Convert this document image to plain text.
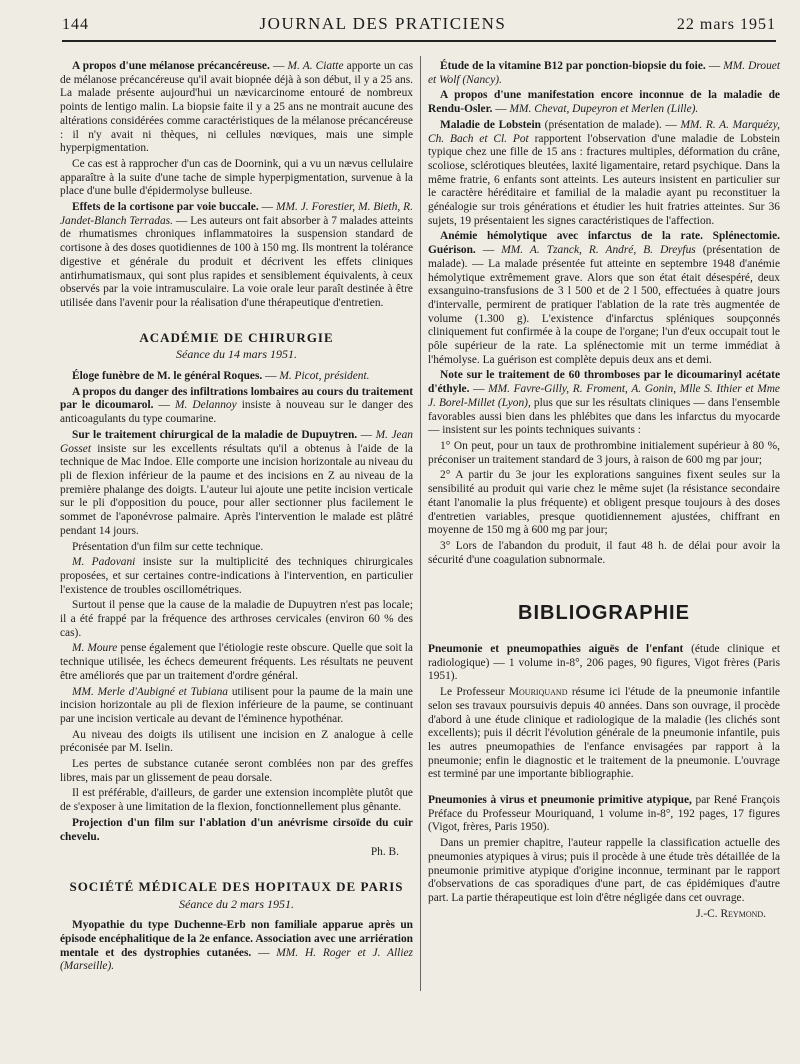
144	JOURNAL DES PRATICIENS	22 mars 1951

A propos d'une mélanose précancéreuse. — M. A. Ciatte apporte un cas de mélanose précancéreuse qu'il avait biopnée déjà à son début, il y a 25 ans. La malade présente aujourd'hui un nævicarcinome entouré de nombreux points de lentigo malin. La biopsie faite il y a 25 ans ne montrait aucune des altérations considérées comme caractéristiques de la mélanose précancéreuse : il n'y avait ni thèques, ni cellules nœviques, mais une simple hyperpigmentation.

Ce cas est à rapprocher d'un cas de Doornink, qui a vu un nævus cellulaire apparaître à la suite d'une tache de simple hyperpigmentation, survenue à la place d'une bulle d'épidermolyse bulleuse.

Effets de la cortisone par voie buccale. — MM. J. Forestier, M. Bieth, R. Jandet-Blanch Terradas. — Les auteurs ont fait absorber à 7 malades atteints de rhumatismes chroniques inflammatoires la suspension standard de cortisone à des doses quotidiennes de 100 à 150 mg. Ils montrent la tolérance digestive et générale du produit et décrivent les effets cliniques antirhumatismaux, qui sont plus rapides et sensiblement équivalents, à ceux observés par la voie intramusculaire. La voie orale leur paraît destinée à être utilisée dans l'avenir pour la réalisation d'une thérapeutique d'entretien.

ACADÉMIE DE CHIRURGIE
Séance du 14 mars 1951.

Éloge funèbre de M. le général Roques. — M. Picot, président.

A propos du danger des infiltrations lombaires au cours du traitement par le dicoumarol. — M. Delannoy insiste à nouveau sur le danger des anticoagulants du type coumarine.

Sur le traitement chirurgical de la maladie de Dupuytren. — M. Jean Gosset insiste sur les excellents résultats qu'il a obtenus à l'aide de la technique de Mac Indoe. Elle comporte une incision horizontale au niveau du pli de flexion inférieur de la paume et des incisions en Z au niveau de la première phalange des doigts. L'auteur lui ajoute une petite incision verticale sur le pli d'opposition du pouce, pour aller sectionner plus facilement le sommet de l'aponévrose palmaire. Après l'intervention le malade est plâtré pendant 14 jours.

Présentation d'un film sur cette technique.

M. Padovani insiste sur la multiplicité des techniques chirurgicales proposées, et sur certaines contre-indications à l'intervention, en particulier l'existence de troubles oscillométriques.

Surtout il pense que la cause de la maladie de Dupuytren n'est pas locale; il a été frappé par la fréquence des arthroses cervicales (environ 60 % des cas).

M. Moure pense également que l'étiologie reste obscure. Quelle que soit la technique utilisée, les échecs demeurent fréquents. Les résultats ne peuvent être améliorés que par un traitement d'ordre général.

MM. Merle d'Aubigné et Tubiana utilisent pour la paume de la main une incision horizontale au pli de flexion inférieure de la paume, se continuant par une incision verticale au devant de l'éminence hypothénar.

Au niveau des doigts ils utilisent une incision en Z analogue à celle préconisée par M. Iselin.

Les pertes de substance cutanée seront comblées non par des greffes libres, mais par un glissement de peau dorsale.

Il est préférable, d'ailleurs, de garder une extension incomplète plutôt que de s'exposer à une limitation de la flexion, fonctionnellement plus gênante.

Projection d'un film sur l'ablation d'un anévrisme cirsoïde du cuir chevelu.

Ph. B.
SOCIÉTÉ MÉDICALE DES HOPITAUX DE PARIS
Séance du 2 mars 1951.

Myopathie du type Duchenne-Erb non familiale apparue après un épisode encéphalitique de la 2e enfance. Association avec une arriération mentale et des dystrophies cutanées. — MM. H. Roger et J. Alliez (Marseille).

Étude de la vitamine B12 par ponction-biopsie du foie. — MM. Drouet et Wolf (Nancy).

A propos d'une manifestation encore inconnue de la maladie de Rendu-Osler. — MM. Chevat, Dupeyron et Merlen (Lille).

Maladie de Lobstein (présentation de malade). — MM. R. A. Marquézy, Ch. Bach et Cl. Pot rapportent l'observation d'une maladie de Lobstein typique chez une fille de 15 ans : fractures multiples, déformation du crâne, scoliose, sclérotiques bleutées, laxité ligamentaire, retard psychique. Dans la même fratrie, 6 enfants sont atteints. Les auteurs insistent en particulier sur le caractère héréditaire et familial de la maladie ayant pu reconstituer la généalogie sur trois générations et étudier les huit fratries atteintes. Sur 36 sujets, 19 présentaient les signes caractéristiques de l'affection.

Anémie hémolytique avec infarctus de la rate. Splénectomie. Guérison. — MM. A. Tzanck, R. André, B. Dreyfus (présentation de malade). — La malade présentée fut atteinte en septembre 1948 d'anémie hémolytique extrêmement grave. Alors que son état était désespéré, deux exsanguino-transfusions de 3 l 500 et de 2 l 500, effectuées à quatre jours d'intervalle, permirent de pratiquer l'ablation de la rate très augmentée de volume (1.300 g). L'existence d'infarctus spléniques soupçonnés cliniquement fut confirmée à la coupe de l'organe; l'un d'eux occupait tout le pôle supérieur de la rate. La splénectomie mit un terme immédiat à l'hémolyse. La guérison est complète depuis deux ans et demi.

Note sur le traitement de 60 thromboses par le dicoumarinyl acétate d'éthyle. — MM. Favre-Gilly, R. Froment, A. Gonin, Mlle S. Ithier et Mme J. Borel-Millet (Lyon), plus que sur les résultats cliniques — dans l'ensemble favorables aussi bien dans les phlébites que dans les infarctus du myocarde — insistent sur les points techniques suivants :

1° On peut, pour un taux de prothrombine initialement supérieur à 80 %, préconiser un traitement standard de 3 jours, à raison de 600 mg par jour;

2° A partir du 3e jour les explorations sanguines fixent seules sur la sensibilité au produit qui varie chez le même sujet (la résistance secondaire étant l'anomalie la plus fréquente) et obligent presque toujours à des doses d'entretien variables, presque quotidiennement ajustées, chiffrant en moyenne de 150 mg à 600 mg par jour;

3° Lors de l'abandon du produit, il faut 48 h. de délai pour avoir la sécurité d'une coagulation subnormale.

BIBLIOGRAPHIE

Pneumonie et pneumopathies aiguës de l'enfant (étude clinique et radiologique) — 1 volume in-8°, 206 pages, 90 figures, Vigot frères (Paris 1951).

Le Professeur Mouriquand résume ici l'étude de la pneumonie infantile selon ses travaux poursuivis depuis 40 années. Dans son ouvrage, il procède d'abord à une étude clinique et radiologique de la maladie (les clichés sont excellents); puis il décrit l'évolution générale de la pneumonie infantile, puis les autres pneumopathies de l'enfance envisagées par rapport à la pneumonie; enfin le diagnostic et le traitement de la pneumonie. L'ouvrage est terminé par une importante bibliographie.

Pneumonies à virus et pneumonie primitive atypique, par René François Préface du Professeur Mouriquand, 1 volume in-8°, 192 pages, 17 figures (Vigot, frères, Paris 1950).

Dans un premier chapitre, l'auteur rappelle la classification actuelle des pneumonies atypiques à virus; puis il procède à une étude très détaillée de la pneumonie primitive atypique d'origine inconnue, terminant par le rapport d'observations de cas sporadiques d'une part, de cas épidémiques d'autre part. La partie thérapeutique est loin d'être négligée dans cet ouvrage.

J.-C. Reymond.
